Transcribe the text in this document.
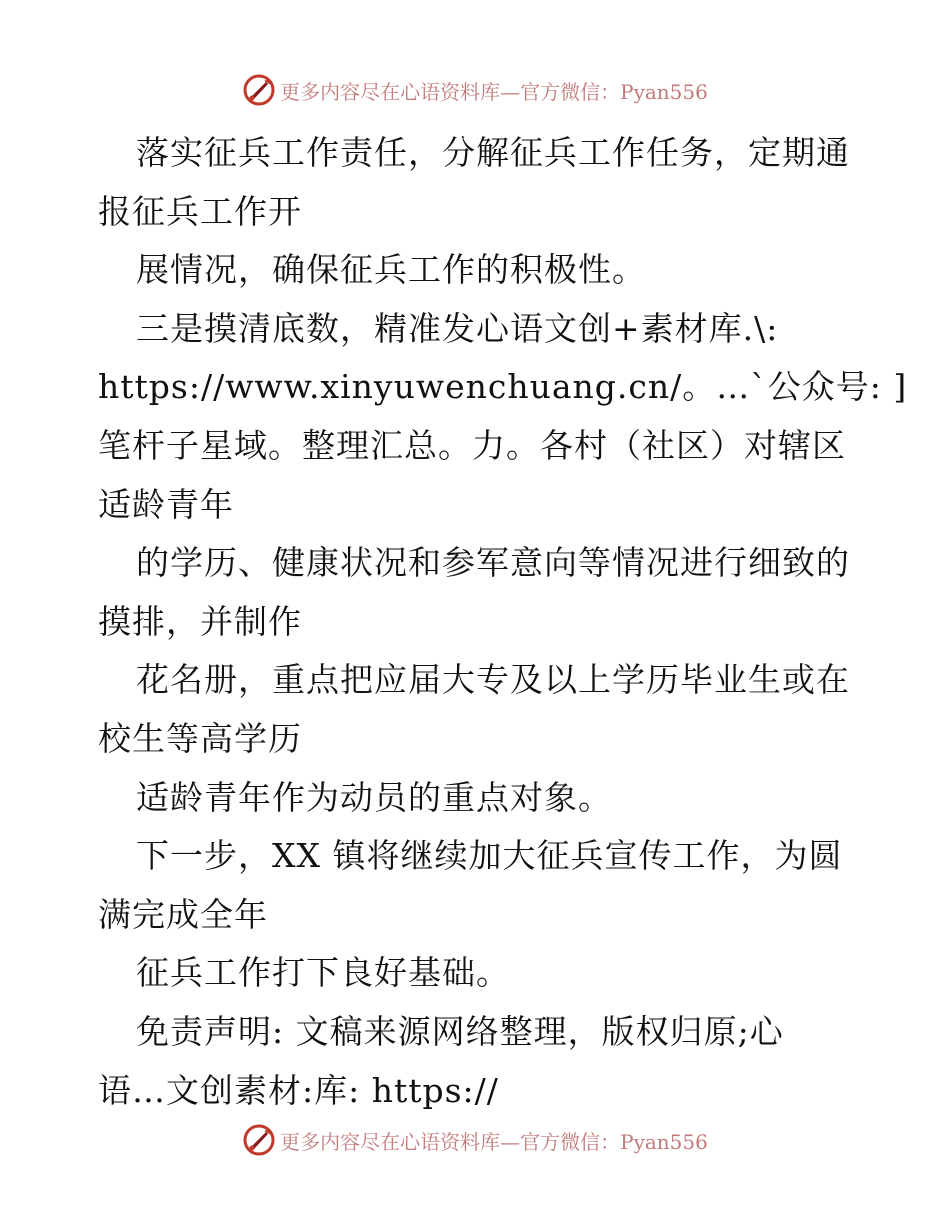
更多内容尽在心语资料库—官方微信：Pyan556
落实征兵工作责任，分解征兵工作任务，定期通
报征兵工作开
展情况，确保征兵工作的积极性。
三是摸清底数，精准发心语文创+素材库.\:
https://www.xinyuwenchuang.cn/。…`公众号: ]
笔杆子星域。整理汇总。力。各村（社区）对辖区
适龄青年
的学历、健康状况和参军意向等情况进行细致的
摸排，并制作
花名册，重点把应届大专及以上学历毕业生或在
校生等高学历
适龄青年作为动员的重点对象。
下一步，XX 镇将继续加大征兵宣传工作，为圆
满完成全年
征兵工作打下良好基础。
免责声明: 文稿来源网络整理，版权归原;心
语…文创素材:库: https://
更多内容尽在心语资料库—官方微信：Pyan556
